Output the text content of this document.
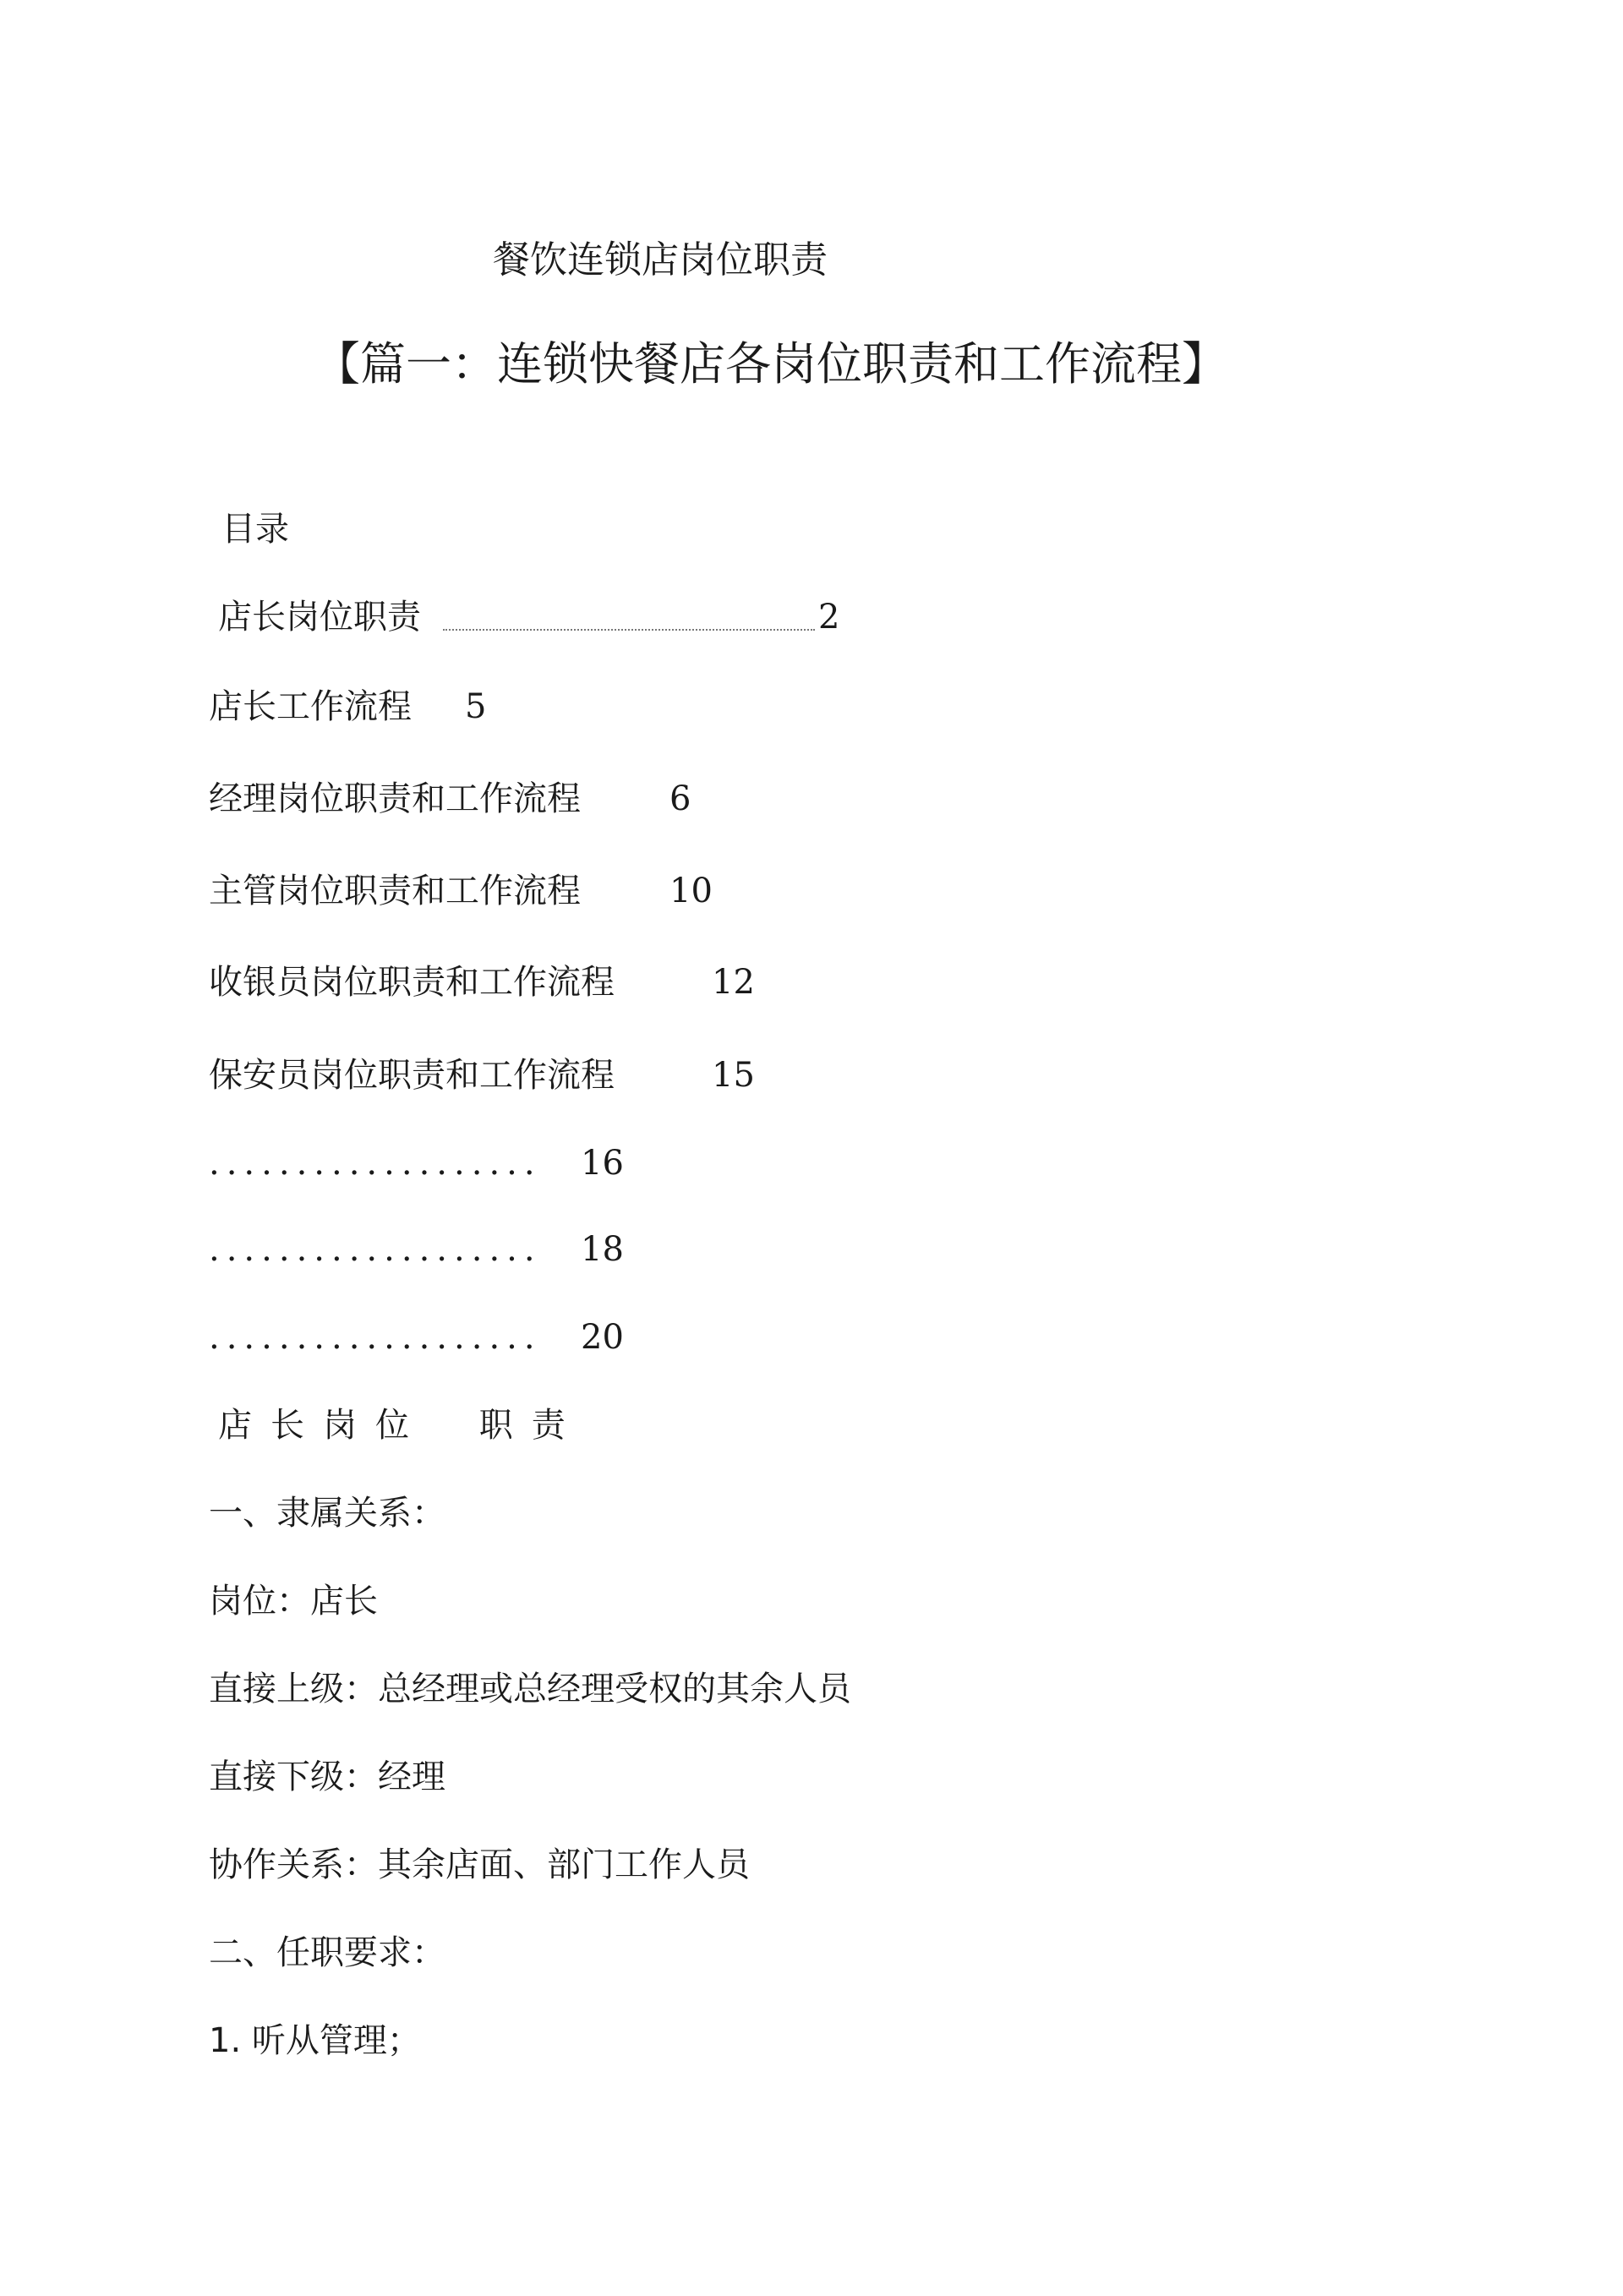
餐饮连锁店岗位职责
【篇一：连锁快餐店各岗位职责和工作流程】
目录
店长岗位职责	2
店长工作流程 5
经理岗位职责和工作流程	6
主管岗位职责和工作流程	10
收银员岗位职责和工作流程	12
保安员岗位职责和工作流程	15
................... 16
................... 18
................... 20
店长岗位 职责
一、隶属关系：
岗位：店长
直接上级：总经理或总经理受权的其余人员
直接下级：经理
协作关系：其余店面、部门工作人员
二、任职要求：
1. 听从管理；
